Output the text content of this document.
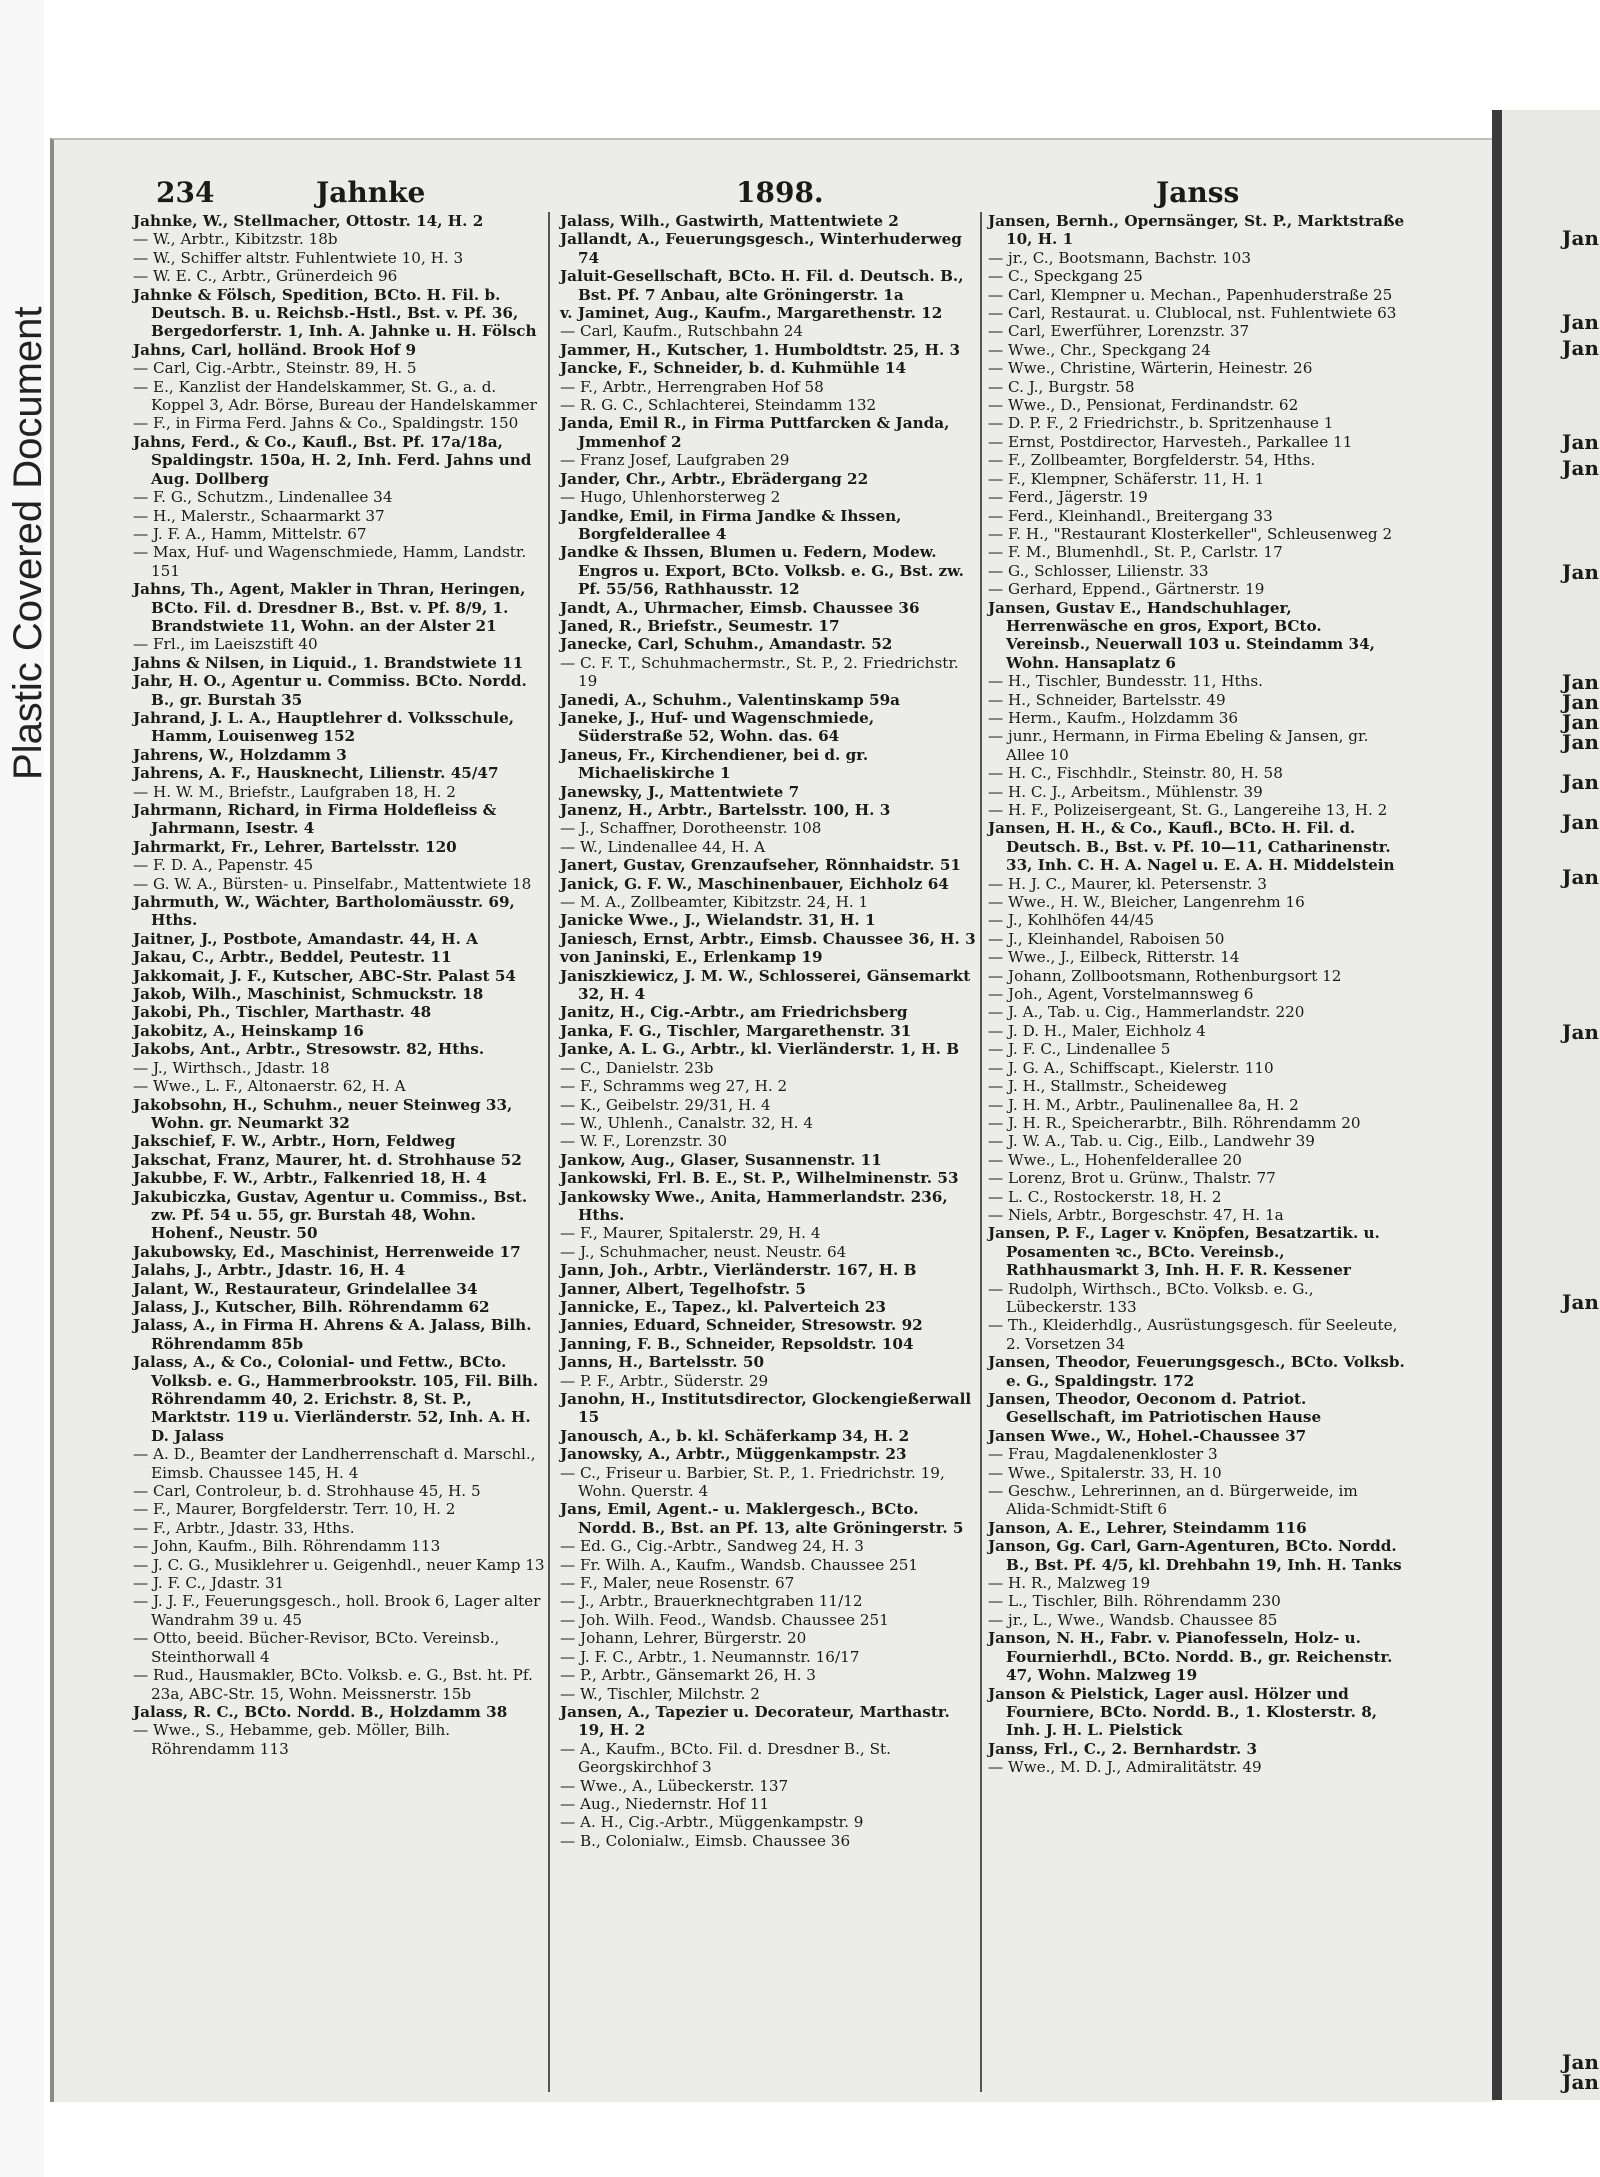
Plastic Covered Document
Jan
Jan
Jan
Jan
Jan
Jan
Jan
Jan
Jan
Jan
Jan
Jan
Jan
Jan
Jan
Jan
Jan
234	Jahnke	1898.	Janss

Jahnke, W., Stellmacher, Ottostr. 14, H. 2

— W., Arbtr., Kibitzstr. 18b

— W., Schiffer altstr. Fuhlentwiete 10, H. 3

— W. E. C., Arbtr., Grünerdeich 96

Jahnke & Fölsch, Spedition, BCto. H. Fil. b. Deutsch. B. u. Reichsb.-Hstl., Bst. v. Pf. 36, Bergedorferstr. 1, Inh. A. Jahnke u. H. Fölsch

Jahns, Carl, holländ. Brook Hof 9

— Carl, Cig.-Arbtr., Steinstr. 89, H. 5

— E., Kanzlist der Handelskammer, St. G., a. d. Koppel 3, Adr. Börse, Bureau der Handelskammer

— F., in Firma Ferd. Jahns & Co., Spaldingstr. 150

Jahns, Ferd., & Co., Kaufl., Bst. Pf. 17a/18a, Spaldingstr. 150a, H. 2, Inh. Ferd. Jahns und Aug. Dollberg

— F. G., Schutzm., Lindenallee 34

— H., Malerstr., Schaarmarkt 37

— J. F. A., Hamm, Mittelstr. 67

— Max, Huf- und Wagenschmiede, Hamm, Landstr. 151

Jahns, Th., Agent, Makler in Thran, Heringen, BCto. Fil. d. Dresdner B., Bst. v. Pf. 8/9, 1. Brandstwiete 11, Wohn. an der Alster 21

— Frl., im Laeiszstift 40

Jahns & Nilsen, in Liquid., 1. Brandstwiete 11

Jahr, H. O., Agentur u. Commiss. BCto. Nordd. B., gr. Burstah 35

Jahrand, J. L. A., Hauptlehrer d. Volksschule, Hamm, Louisenweg 152

Jahrens, W., Holzdamm 3

Jahrens, A. F., Hausknecht, Lilienstr. 45/47

— H. W. M., Briefstr., Laufgraben 18, H. 2

Jahrmann, Richard, in Firma Holdefleiss & Jahrmann, Isestr. 4

Jahrmarkt, Fr., Lehrer, Bartelsstr. 120

— F. D. A., Papenstr. 45

— G. W. A., Bürsten- u. Pinselfabr., Mattentwiete 18

Jahrmuth, W., Wächter, Bartholomäusstr. 69, Hths.

Jaitner, J., Postbote, Amandastr. 44, H. A

Jakau, C., Arbtr., Beddel, Peutestr. 11

Jakkomait, J. F., Kutscher, ABC-Str. Palast 54

Jakob, Wilh., Maschinist, Schmuckstr. 18

Jakobi, Ph., Tischler, Marthastr. 48

Jakobitz, A., Heinskamp 16

Jakobs, Ant., Arbtr., Stresowstr. 82, Hths.

— J., Wirthsch., Jdastr. 18

— Wwe., L. F., Altonaerstr. 62, H. A

Jakobsohn, H., Schuhm., neuer Steinweg 33, Wohn. gr. Neumarkt 32

Jakschief, F. W., Arbtr., Horn, Feldweg

Jakschat, Franz, Maurer, ht. d. Strohhause 52

Jakubbe, F. W., Arbtr., Falkenried 18, H. 4

Jakubiczka, Gustav, Agentur u. Commiss., Bst. zw. Pf. 54 u. 55, gr. Burstah 48, Wohn. Hohenf., Neustr. 50

Jakubowsky, Ed., Maschinist, Herrenweide 17

Jalahs, J., Arbtr., Jdastr. 16, H. 4

Jalant, W., Restaurateur, Grindelallee 34

Jalass, J., Kutscher, Bilh. Röhrendamm 62

Jalass, A., in Firma H. Ahrens & A. Jalass, Bilh. Röhrendamm 85b

Jalass, A., & Co., Colonial- und Fettw., BCto. Volksb. e. G., Hammerbrookstr. 105, Fil. Bilh. Röhrendamm 40, 2. Erichstr. 8, St. P., Marktstr. 119 u. Vierländerstr. 52, Inh. A. H. D. Jalass

— A. D., Beamter der Landherrenschaft d. Marschl., Eimsb. Chaussee 145, H. 4

— Carl, Controleur, b. d. Strohhause 45, H. 5

— F., Maurer, Borgfelderstr. Terr. 10, H. 2

— F., Arbtr., Jdastr. 33, Hths.

— John, Kaufm., Bilh. Röhrendamm 113

— J. C. G., Musiklehrer u. Geigenhdl., neuer Kamp 13

— J. F. C., Jdastr. 31

— J. J. F., Feuerungsgesch., holl. Brook 6, Lager alter Wandrahm 39 u. 45

— Otto, beeid. Bücher-Revisor, BCto. Vereinsb., Steinthorwall 4

— Rud., Hausmakler, BCto. Volksb. e. G., Bst. ht. Pf. 23a, ABC-Str. 15, Wohn. Meissnerstr. 15b

Jalass, R. C., BCto. Nordd. B., Holzdamm 38

— Wwe., S., Hebamme, geb. Möller, Bilh. Röhrendamm 113

Jalass, Wilh., Gastwirth, Mattentwiete 2

Jallandt, A., Feuerungsgesch., Winterhuderweg 74

Jaluit-Gesellschaft, BCto. H. Fil. d. Deutsch. B., Bst. Pf. 7 Anbau, alte Gröningerstr. 1a

v. Jaminet, Aug., Kaufm., Margarethenstr. 12

— Carl, Kaufm., Rutschbahn 24

Jammer, H., Kutscher, 1. Humboldtstr. 25, H. 3

Jancke, F., Schneider, b. d. Kuhmühle 14

— F., Arbtr., Herrengraben Hof 58

— R. G. C., Schlachterei, Steindamm 132

Janda, Emil R., in Firma Puttfarcken & Janda, Jmmenhof 2

— Franz Josef, Laufgraben 29

Jander, Chr., Arbtr., Ebrädergang 22

— Hugo, Uhlenhorsterweg 2

Jandke, Emil, in Firma Jandke & Ihssen, Borgfelderallee 4

Jandke & Ihssen, Blumen u. Federn, Modew. Engros u. Export, BCto. Volksb. e. G., Bst. zw. Pf. 55/56, Rathhausstr. 12

Jandt, A., Uhrmacher, Eimsb. Chaussee 36

Janed, R., Briefstr., Seumestr. 17

Janecke, Carl, Schuhm., Amandastr. 52

— C. F. T., Schuhmachermstr., St. P., 2. Friedrichstr. 19

Janedi, A., Schuhm., Valentinskamp 59a

Janeke, J., Huf- und Wagenschmiede, Süderstraße 52, Wohn. das. 64

Janeus, Fr., Kirchendiener, bei d. gr. Michaeliskirche 1

Janewsky, J., Mattentwiete 7

Janenz, H., Arbtr., Bartelsstr. 100, H. 3

— J., Schaffner, Dorotheenstr. 108

— W., Lindenallee 44, H. A

Janert, Gustav, Grenzaufseher, Rönnhaidstr. 51

Janick, G. F. W., Maschinenbauer, Eichholz 64

— M. A., Zollbeamter, Kibitzstr. 24, H. 1

Janicke Wwe., J., Wielandstr. 31, H. 1

Janiesch, Ernst, Arbtr., Eimsb. Chaussee 36, H. 3

von Janinski, E., Erlenkamp 19

Janiszkiewicz, J. M. W., Schlosserei, Gänsemarkt 32, H. 4

Janitz, H., Cig.-Arbtr., am Friedrichsberg

Janka, F. G., Tischler, Margarethenstr. 31

Janke, A. L. G., Arbtr., kl. Vierländerstr. 1, H. B

— C., Danielstr. 23b

— F., Schramms weg 27, H. 2

— K., Geibelstr. 29/31, H. 4

— W., Uhlenh., Canalstr. 32, H. 4

— W. F., Lorenzstr. 30

Jankow, Aug., Glaser, Susannenstr. 11

Jankowski, Frl. B. E., St. P., Wilhelminenstr. 53

Jankowsky Wwe., Anita, Hammerlandstr. 236, Hths.

— F., Maurer, Spitalerstr. 29, H. 4

— J., Schuhmacher, neust. Neustr. 64

Jann, Joh., Arbtr., Vierländerstr. 167, H. B

Janner, Albert, Tegelhofstr. 5

Jannicke, E., Tapez., kl. Palverteich 23

Jannies, Eduard, Schneider, Stresowstr. 92

Janning, F. B., Schneider, Repsoldstr. 104

Janns, H., Bartelsstr. 50

— P. F., Arbtr., Süderstr. 29

Janohn, H., Institutsdirector, Glockengießerwall 15

Janousch, A., b. kl. Schäferkamp 34, H. 2

Janowsky, A., Arbtr., Müggenkampstr. 23

— C., Friseur u. Barbier, St. P., 1. Friedrichstr. 19, Wohn. Querstr. 4

Jans, Emil, Agent.- u. Maklergesch., BCto. Nordd. B., Bst. an Pf. 13, alte Gröningerstr. 5

— Ed. G., Cig.-Arbtr., Sandweg 24, H. 3

— Fr. Wilh. A., Kaufm., Wandsb. Chaussee 251

— F., Maler, neue Rosenstr. 67

— J., Arbtr., Brauerknechtgraben 11/12

— Joh. Wilh. Feod., Wandsb. Chaussee 251

— Johann, Lehrer, Bürgerstr. 20

— J. F. C., Arbtr., 1. Neumannstr. 16/17

— P., Arbtr., Gänsemarkt 26, H. 3

— W., Tischler, Milchstr. 2

Jansen, A., Tapezier u. Decorateur, Marthastr. 19, H. 2

— A., Kaufm., BCto. Fil. d. Dresdner B., St. Georgskirchhof 3

— Wwe., A., Lübeckerstr. 137

— Aug., Niedernstr. Hof 11

— A. H., Cig.-Arbtr., Müggenkampstr. 9

— B., Colonialw., Eimsb. Chaussee 36

Jansen, Bernh., Opernsänger, St. P., Marktstraße 10, H. 1

— jr., C., Bootsmann, Bachstr. 103

— C., Speckgang 25

— Carl, Klempner u. Mechan., Papenhuderstraße 25

— Carl, Restaurat. u. Clublocal, nst. Fuhlentwiete 63

— Carl, Ewerführer, Lorenzstr. 37

— Wwe., Chr., Speckgang 24

— Wwe., Christine, Wärterin, Heinestr. 26

— C. J., Burgstr. 58

— Wwe., D., Pensionat, Ferdinandstr. 62

— D. P. F., 2 Friedrichstr., b. Spritzenhause 1

— Ernst, Postdirector, Harvesteh., Parkallee 11

— F., Zollbeamter, Borgfelderstr. 54, Hths.

— F., Klempner, Schäferstr. 11, H. 1

— Ferd., Jägerstr. 19

— Ferd., Kleinhandl., Breitergang 33

— F. H., "Restaurant Klosterkeller", Schleusenweg 2

— F. M., Blumenhdl., St. P., Carlstr. 17

— G., Schlosser, Lilienstr. 33

— Gerhard, Eppend., Gärtnerstr. 19

Jansen, Gustav E., Handschuhlager, Herrenwäsche en gros, Export, BCto. Vereinsb., Neuerwall 103 u. Steindamm 34, Wohn. Hansaplatz 6

— H., Tischler, Bundesstr. 11, Hths.

— H., Schneider, Bartelsstr. 49

— Herm., Kaufm., Holzdamm 36

— junr., Hermann, in Firma Ebeling & Jansen, gr. Allee 10

— H. C., Fischhdlr., Steinstr. 80, H. 58

— H. C. J., Arbeitsm., Mühlenstr. 39

— H. F., Polizeisergeant, St. G., Langereihe 13, H. 2

Jansen, H. H., & Co., Kaufl., BCto. H. Fil. d. Deutsch. B., Bst. v. Pf. 10—11, Catharinenstr. 33, Inh. C. H. A. Nagel u. E. A. H. Middelstein

— H. J. C., Maurer, kl. Petersenstr. 3

— Wwe., H. W., Bleicher, Langenrehm 16

— J., Kohlhöfen 44/45

— J., Kleinhandel, Raboisen 50

— Wwe., J., Eilbeck, Ritterstr. 14

— Johann, Zollbootsmann, Rothenburgsort 12

— Joh., Agent, Vorstelmannsweg 6

— J. A., Tab. u. Cig., Hammerlandstr. 220

— J. D. H., Maler, Eichholz 4

— J. F. C., Lindenallee 5

— J. G. A., Schiffscapt., Kielerstr. 110

— J. H., Stallmstr., Scheideweg

— J. H. M., Arbtr., Paulinenallee 8a, H. 2

— J. H. R., Speicherarbtr., Bilh. Röhrendamm 20

— J. W. A., Tab. u. Cig., Eilb., Landwehr 39

— Wwe., L., Hohenfelderallee 20

— Lorenz, Brot u. Grünw., Thalstr. 77

— L. C., Rostockerstr. 18, H. 2

— Niels, Arbtr., Borgeschstr. 47, H. 1a

Jansen, P. F., Lager v. Knöpfen, Besatzartik. u. Posamenten ꝛc., BCto. Vereinsb., Rathhausmarkt 3, Inh. H. F. R. Kessener

— Rudolph, Wirthsch., BCto. Volksb. e. G., Lübeckerstr. 133

— Th., Kleiderhdlg., Ausrüstungsgesch. für Seeleute, 2. Vorsetzen 34

Jansen, Theodor, Feuerungsgesch., BCto. Volksb. e. G., Spaldingstr. 172

Jansen, Theodor, Oeconom d. Patriot. Gesellschaft, im Patriotischen Hause

Jansen Wwe., W., Hohel.-Chaussee 37

— Frau, Magdalenenkloster 3

— Wwe., Spitalerstr. 33, H. 10

— Geschw., Lehrerinnen, an d. Bürgerweide, im Alida-Schmidt-Stift 6

Janson, A. E., Lehrer, Steindamm 116

Janson, Gg. Carl, Garn-Agenturen, BCto. Nordd. B., Bst. Pf. 4/5, kl. Drehbahn 19, Inh. H. Tanks

— H. R., Malzweg 19

— L., Tischler, Bilh. Röhrendamm 230

— jr., L., Wwe., Wandsb. Chaussee 85

Janson, N. H., Fabr. v. Pianofesseln, Holz- u. Fournierhdl., BCto. Nordd. B., gr. Reichenstr. 47, Wohn. Malzweg 19

Janson & Pielstick, Lager ausl. Hölzer und Fourniere, BCto. Nordd. B., 1. Klosterstr. 8, Inh. J. H. L. Pielstick

Janss, Frl., C., 2. Bernhardstr. 3

— Wwe., M. D. J., Admiralitätstr. 49
